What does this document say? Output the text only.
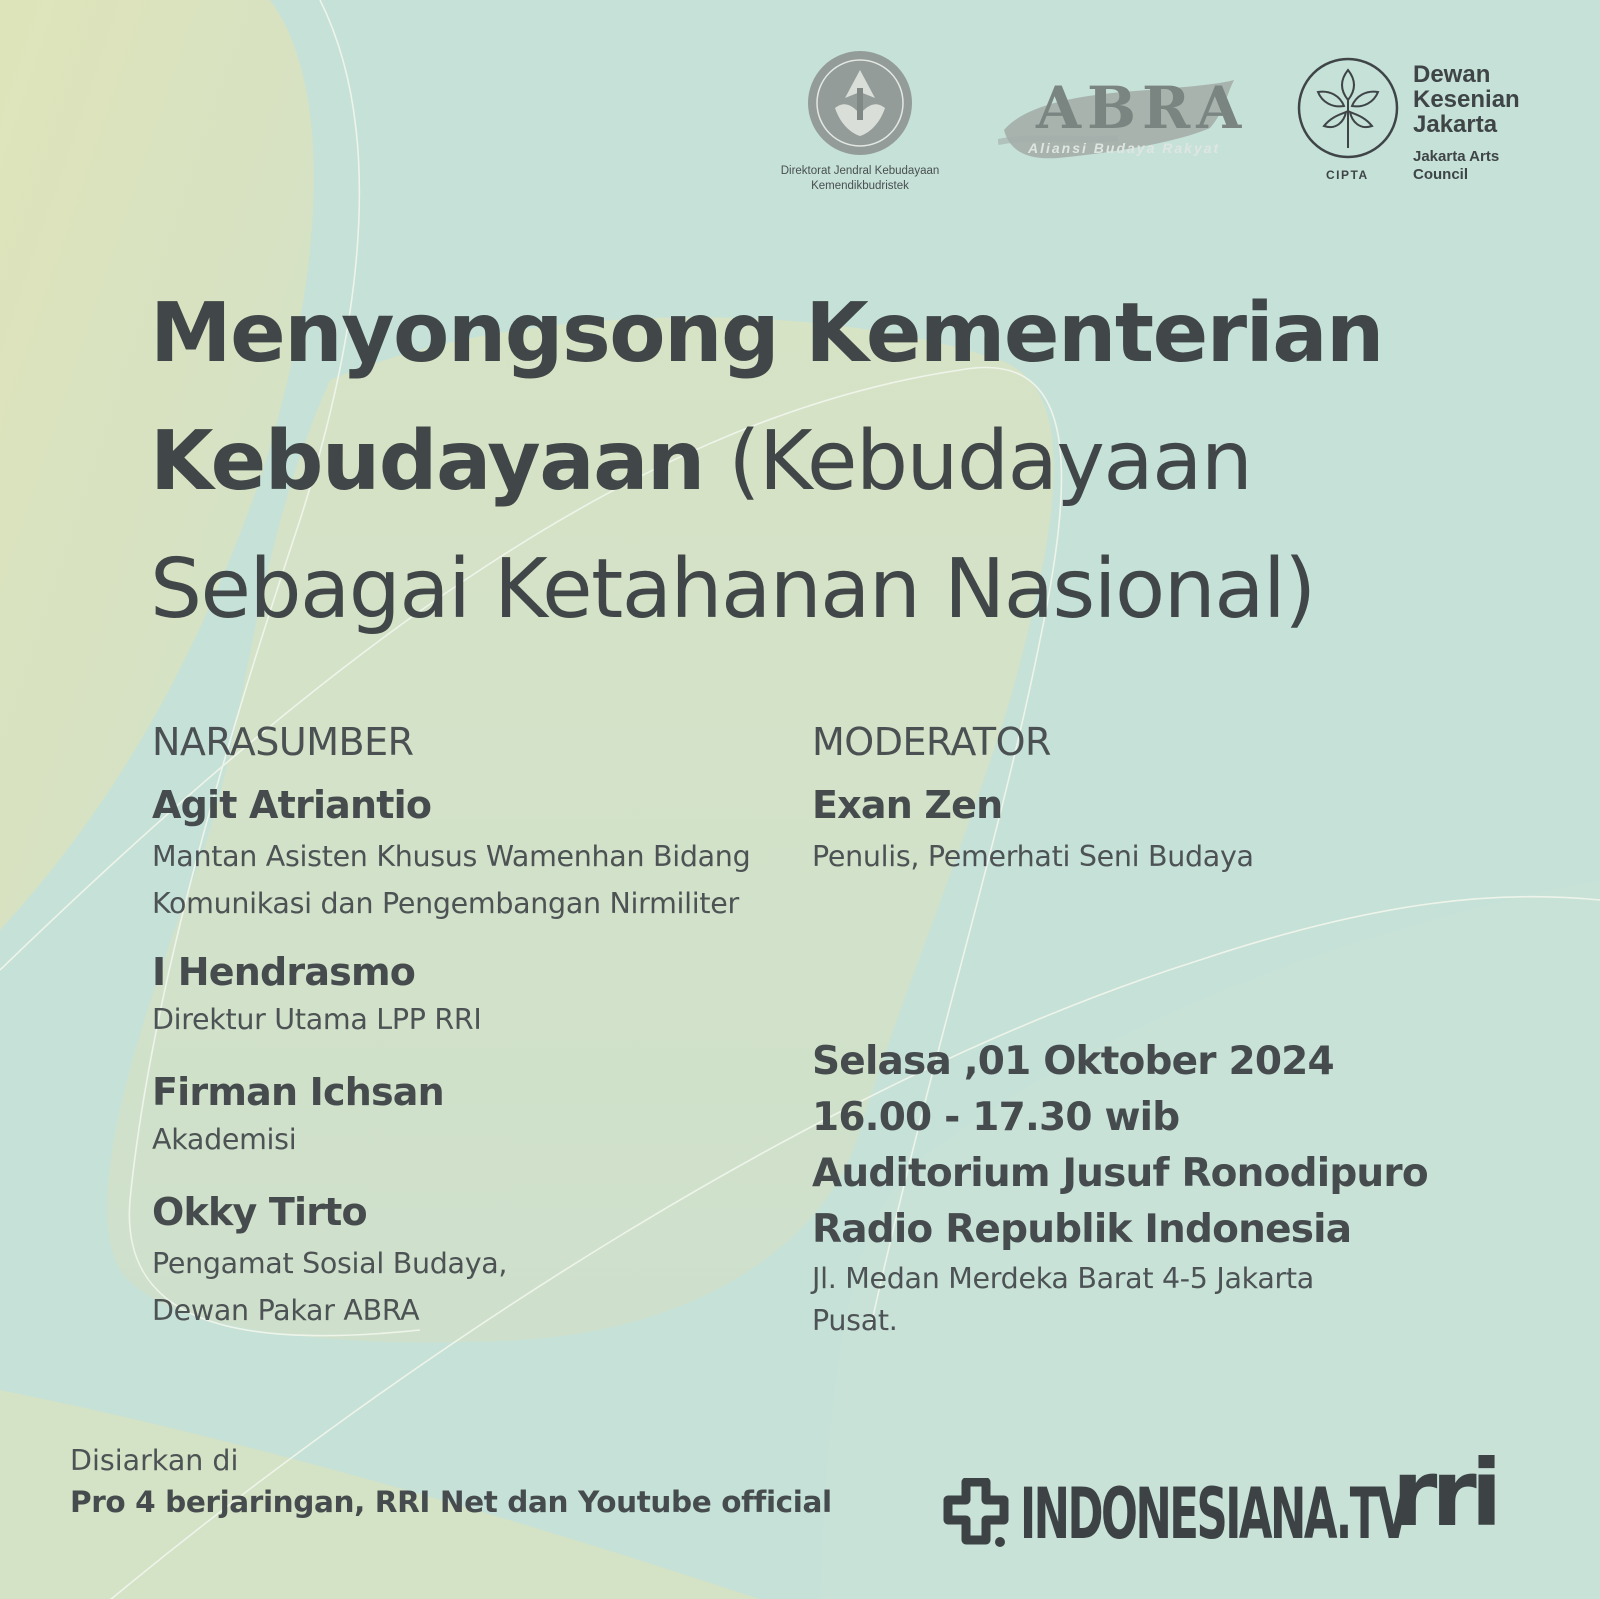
Direktorat Jendral Kebudayaan
Kemendikbudristek
ABRA
Aliansi Budaya Rakyat
CIPTA
Dewan
Kesenian
Jakarta
Jakarta Arts
Council
Menyongsong Kementerian
Kebudayaan (Kebudayaan
Sebagai Ketahanan Nasional)
NARASUMBER
Agit Atriantio
Mantan Asisten Khusus Wamenhan Bidang
Komunikasi dan Pengembangan Nirmiliter
I Hendrasmo
Direktur Utama LPP RRI
Firman Ichsan
Akademisi
Okky Tirto
Pengamat Sosial Budaya,
Dewan Pakar ABRA
MODERATOR
Exan Zen
Penulis, Pemerhati Seni Budaya
Selasa ,01 Oktober 2024
16.00 - 17.30 wib
Auditorium Jusuf Ronodipuro
Radio Republik Indonesia
Jl. Medan Merdeka Barat 4-5 Jakarta
Pusat.
Disiarkan di
Pro 4 berjaringan, RRI Net dan Youtube official	INDONESIANA.TV
rri
